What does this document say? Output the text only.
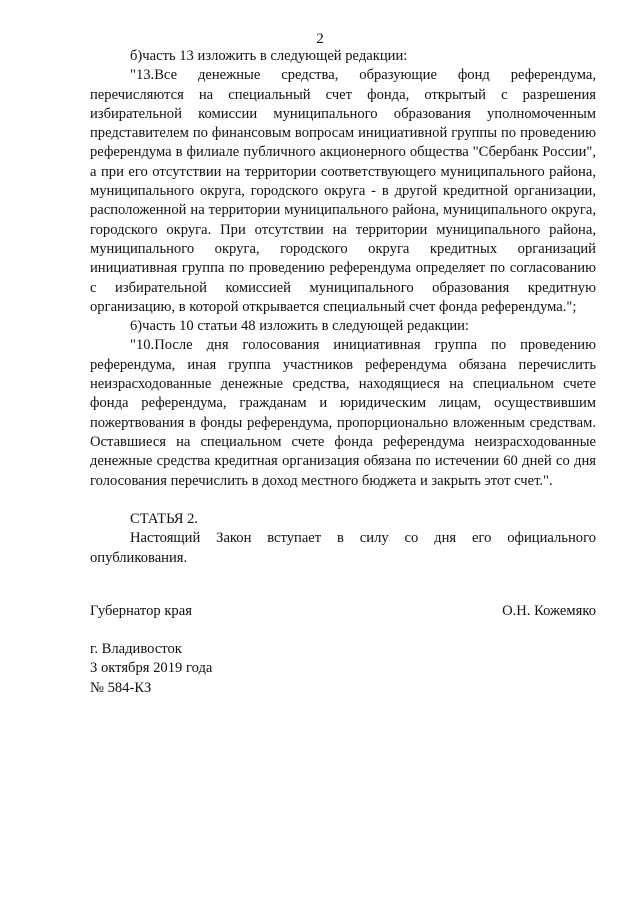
2

б)часть 13 изложить в следующей редакции:

"13.Все денежные средства, образующие фонд референдума, перечисляются на специальный счет фонда, открытый с разрешения избирательной комиссии муниципального образования уполномоченным представителем по финансовым вопросам инициативной группы по проведению референдума в филиале публичного акционерного общества "Сбербанк России", а при его отсутствии на территории соответствующего муниципального района, муниципального округа, городского округа - в другой кредитной организации, расположенной на территории муниципального района, муниципального округа, городского округа. При отсутствии на территории муниципального района, муниципального округа, городского округа кредитных организаций инициативная группа по проведению референдума определяет по согласованию с избирательной комиссией муниципального образования кредитную организацию, в которой открывается специальный счет фонда референдума.";

6)часть 10 статьи 48 изложить в следующей редакции:

"10.После дня голосования инициативная группа по проведению референдума, иная группа участников референдума обязана перечислить неизрасходованные денежные средства, находящиеся на специальном счете фонда референдума, гражданам и юридическим лицам, осуществившим пожертвования в фонды референдума, пропорционально вложенным средствам. Оставшиеся на специальном счете фонда референдума неизрасходованные денежные средства кредитная организация обязана по истечении 60 дней со дня голосования перечислить в доход местного бюджета и закрыть этот счет.".

СТАТЬЯ 2.

Настоящий Закон вступает в силу со дня его официального опубликования.

Губернатор края	О.Н. Кожемяко
г. Владивосток
3 октября 2019 года
№ 584-КЗ
